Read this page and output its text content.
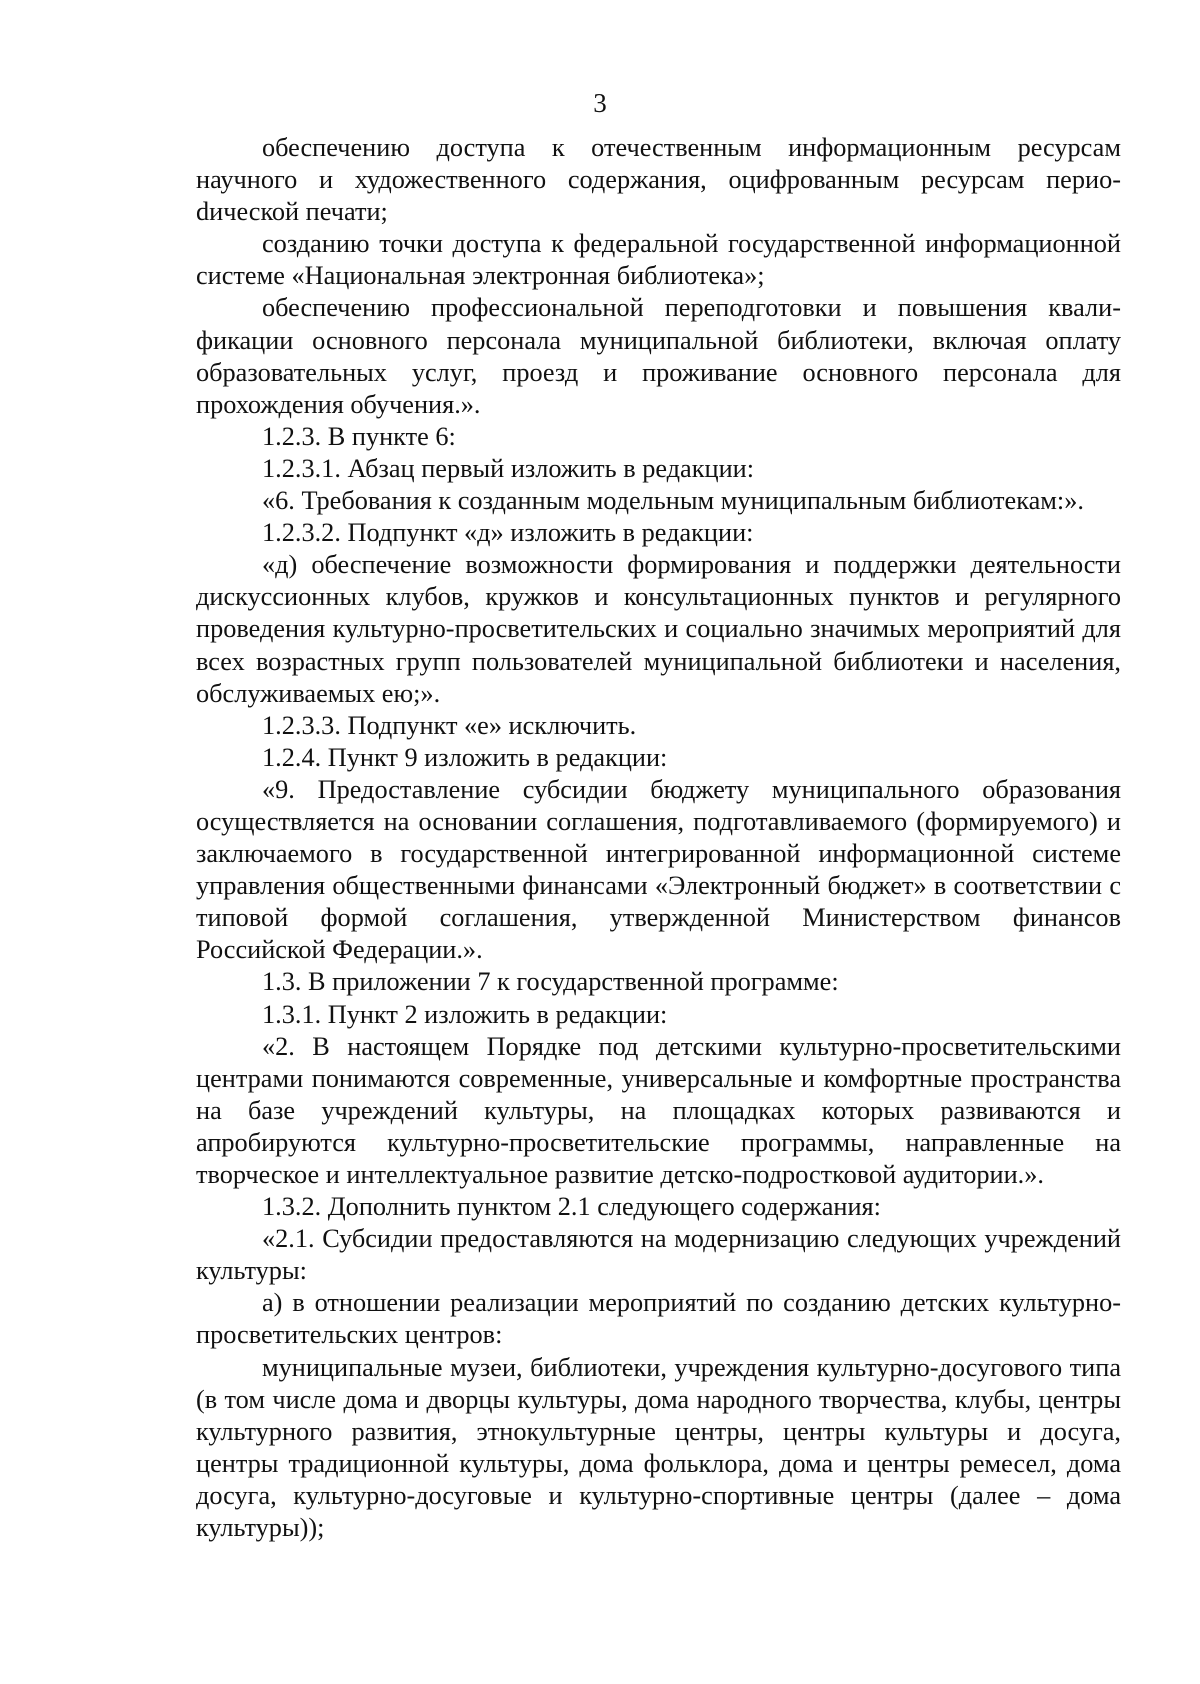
3

обеспечению доступа к отечественным информационным ресурсам научного и художественного содержания, оцифрованным ресурсам периоdической печати;

созданию точки доступа к федеральной государственной информационной системе «Национальная электронная библиотека»;

обеспечению профессиональной переподготовки и повышения квалификации основного персонала муниципальной библиотеки, включая оплату образовательных услуг, проезд и проживание основного персонала для прохождения обучения.».

1.2.3. В пункте 6:

1.2.3.1. Абзац первый изложить в редакции:

«6. Требования к созданным модельным муниципальным библиотекам:».

1.2.3.2. Подпункт «д» изложить в редакции:

«д) обеспечение возможности формирования и поддержки деятельности дискуссионных клубов, кружков и консультационных пунктов и регулярного проведения культурно-просветительских и социально значимых мероприятий для всех возрастных групп пользователей муниципальной библиотеки и населения, обслуживаемых ею;».

1.2.3.3. Подпункт «е» исключить.

1.2.4. Пункт 9 изложить в редакции:

«9. Предоставление субсидии бюджету муниципального образования осуществляется на основании соглашения, подготавливаемого (формируемого) и заключаемого в государственной интегрированной информационной системе управления общественными финансами «Электронный бюджет» в соответствии с типовой формой соглашения, утвержденной Министерством финансов Российской Федерации.».

1.3. В приложении 7 к государственной программе:

1.3.1. Пункт 2 изложить в редакции:

«2. В настоящем Порядке под детскими культурно-просветительскими центрами понимаются современные, универсальные и комфортные пространства на базе учреждений культуры, на площадках которых развиваются и апробируются культурно-просветительские программы, направленные на творческое и интеллектуальное развитие детско-подростковой аудитории.».

1.3.2. Дополнить пунктом 2.1 следующего содержания:

«2.1. Субсидии предоставляются на модернизацию следующих учреждений культуры:

а) в отношении реализации мероприятий по созданию детских культурно-просветительских центров:

муниципальные музеи, библиотеки, учреждения культурно-досугового типа (в том числе дома и дворцы культуры, дома народного творчества, клубы, центры культурного развития, этнокультурные центры, центры культуры и досуга, центры традиционной культуры, дома фольклора, дома и центры ремесел, дома досуга, культурно-досуговые и культурно-спортивные центры (далее – дома культуры));
